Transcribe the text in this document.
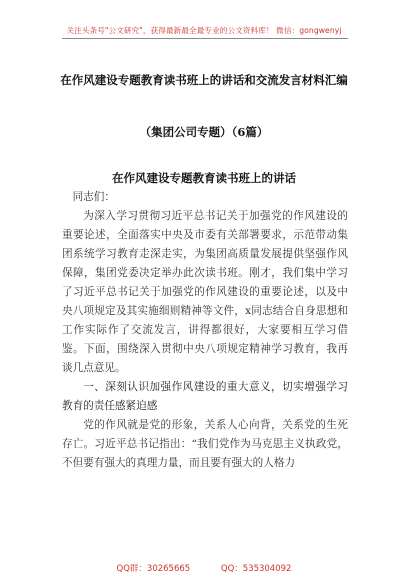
关注头条号"公文研究"，获得最新最全最专业的公文资料库！ 微信：gongwenyj
在作风建设专题教育读书班上的讲话和交流发言材料汇编
（集团公司专题）（6篇）
在作风建设专题教育读书班上的讲话

同志们：

为深入学习贯彻习近平总书记关于加强党的作风建设的重要论述，全面落实中央及市委有关部署要求，示范带动集团系统学习教育走深走实，为集团高质量发展提供坚强作风保障，集团党委决定举办此次读书班。刚才，我们集中学习了习近平总书记关于加强党的作风建设的重要论述，以及中央八项规定及其实施细则精神等文件，x同志结合自身思想和工作实际作了交流发言，讲得都很好，大家要相互学习借鉴。下面，围绕深入贯彻中央八项规定精神学习教育，我再谈几点意见。

一、深刻认识加强作风建设的重大意义，切实增强学习教育的责任感紧迫感

党的作风就是党的形象，关系人心向背，关系党的生死存亡。习近平总书记指出：“我们党作为马克思主义执政党，不但要有强大的真理力量，而且要有强大的人格力

QQ群：30265665	QQ：535304092
